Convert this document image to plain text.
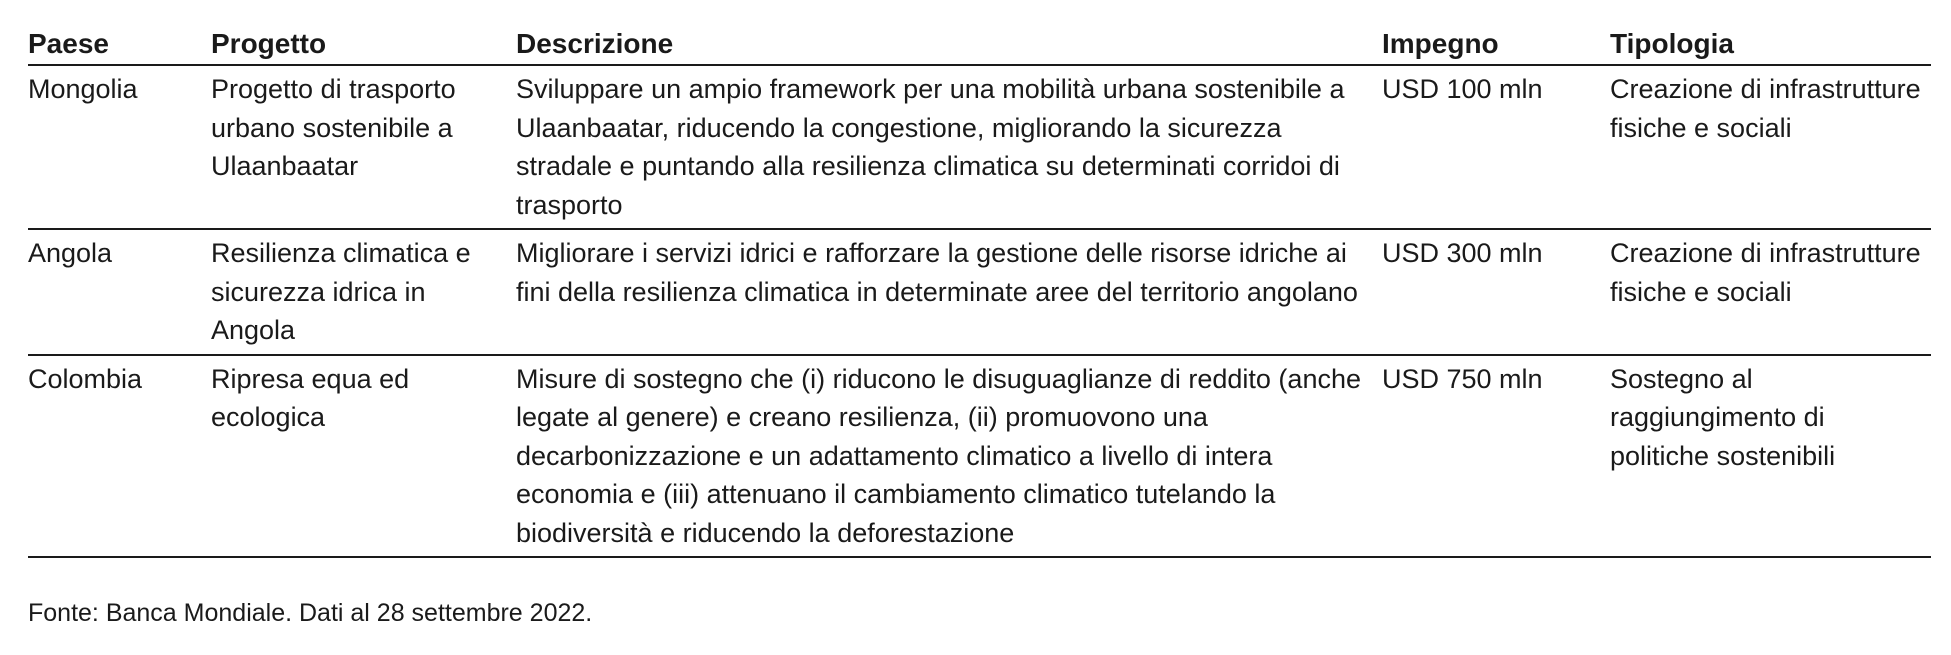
Paese	Progetto	Descrizione	Impegno	Tipologia
Mongolia	Progetto di trasporto urbano sostenibile a Ulaanbaatar	Sviluppare un ampio framework per una mobilità urbana sostenibile a Ulaanbaatar, riducendo la congestione, migliorando la sicurezza stradale e puntando alla resilienza climatica su determinati corridoi di trasporto	USD 100 mln	Creazione di infrastrutture fisiche e sociali
Angola	Resilienza climatica e sicurezza idrica in Angola	Migliorare i servizi idrici e rafforzare la gestione delle risorse idriche ai fini della resilienza climatica in determinate aree del territorio angolano	USD 300 mln	Creazione di infrastrutture fisiche e sociali
Colombia	Ripresa equa ed ecologica	Misure di sostegno che (i) riducono le disuguaglianze di reddito (anche legate al genere) e creano resilienza, (ii) promuovono una decarbonizzazione e un adattamento climatico a livello di intera economia e (iii) attenuano il cambiamento climatico tutelando la biodiversità e riducendo la deforestazione	USD 750 mln	Sostegno al raggiungimento di politiche sostenibili
Fonte: Banca Mondiale. Dati al 28 settembre 2022.
